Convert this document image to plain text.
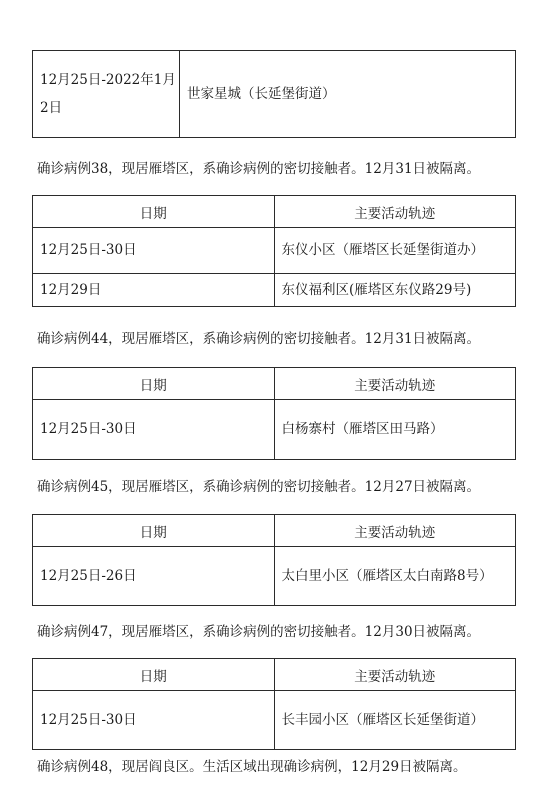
12月25日-2022年1月2日	世家星城（长延堡街道）
确诊病例38，现居雁塔区，系确诊病例的密切接触者。12月31日被隔离。
日期	主要活动轨迹
12月25日-30日	东仪小区（雁塔区长延堡街道办）
12月29日	东仪福利区(雁塔区东仪路29号)
确诊病例44，现居雁塔区，系确诊病例的密切接触者。12月31日被隔离。
日期	主要活动轨迹
12月25日-30日	白杨寨村（雁塔区田马路）
确诊病例45，现居雁塔区，系确诊病例的密切接触者。12月27日被隔离。
日期	主要活动轨迹
12月25日-26日	太白里小区（雁塔区太白南路8号）
确诊病例47，现居雁塔区，系确诊病例的密切接触者。12月30日被隔离。
日期	主要活动轨迹
12月25日-30日	长丰园小区（雁塔区长延堡街道）
确诊病例48，现居阎良区。生活区域出现确诊病例，12月29日被隔离。
